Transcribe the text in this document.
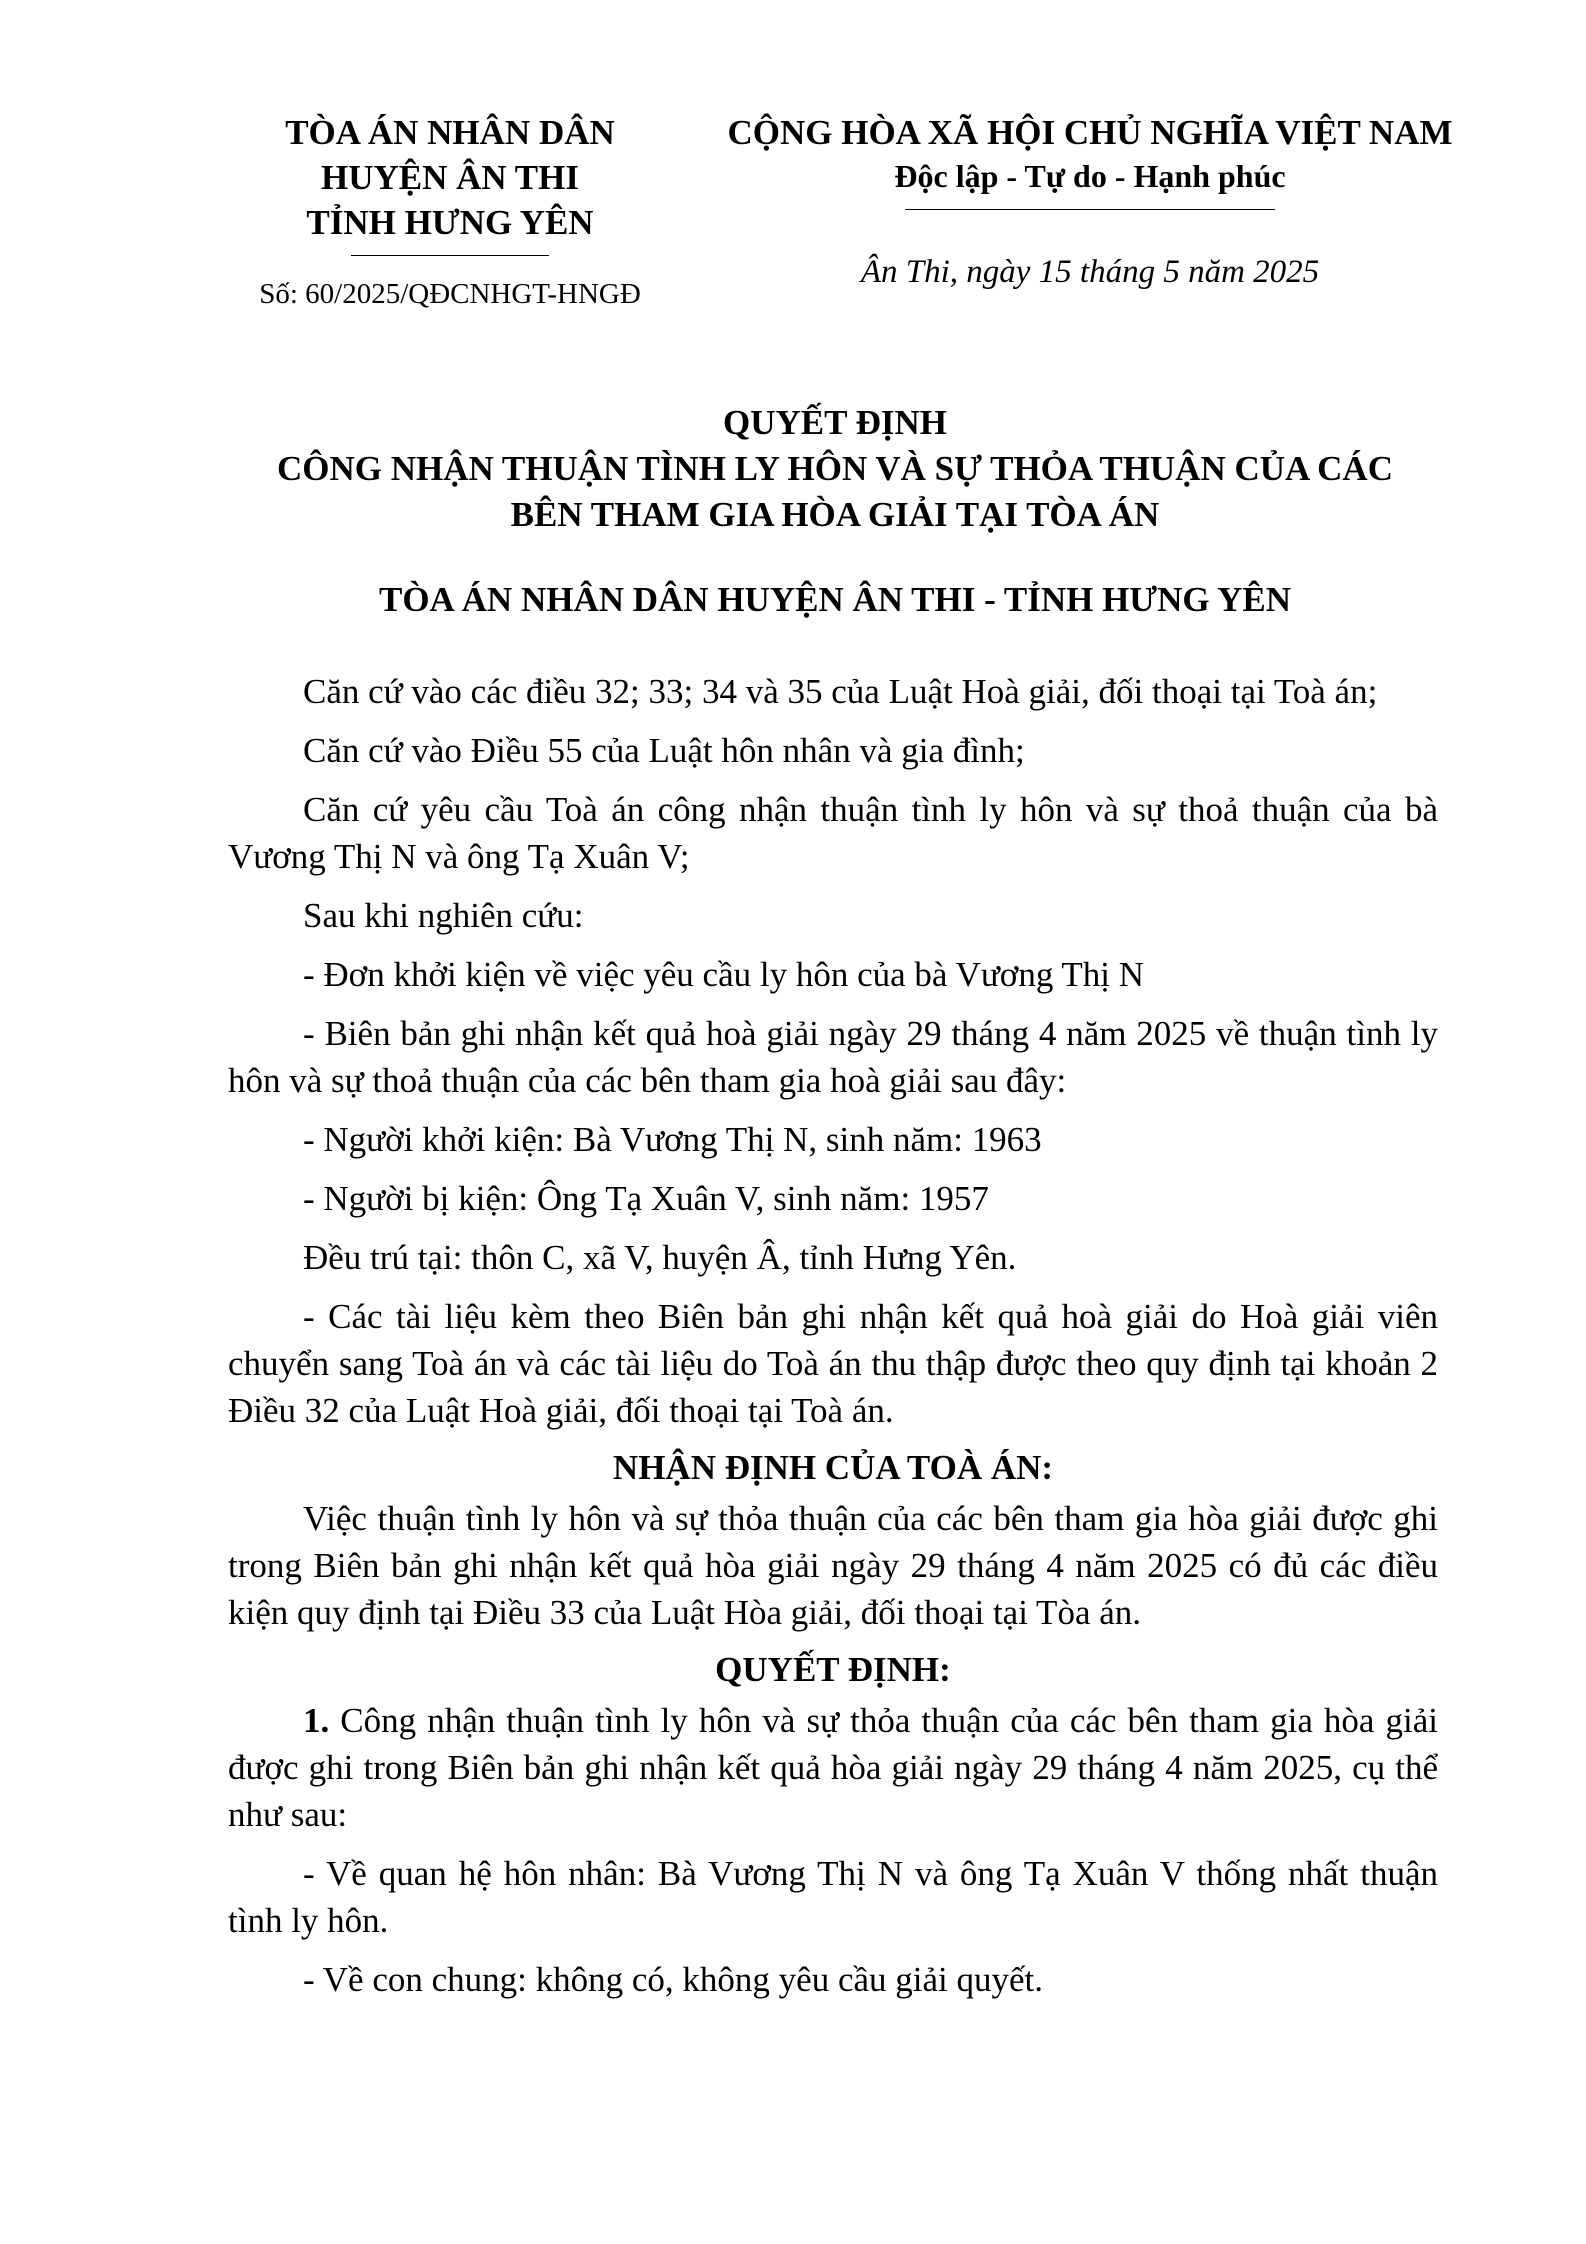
TÒA ÁN NHÂN DÂN
HUYỆN ÂN THI
TỈNH HƯNG YÊN
Số: 60/2025/QĐCNHGT-HNGĐ
CỘNG HÒA XÃ HỘI CHỦ NGHĨA VIỆT NAM
Độc lập - Tự do - Hạnh phúc
Ân Thi, ngày 15 tháng 5 năm 2025
QUYẾT ĐỊNH
CÔNG NHẬN THUẬN TÌNH LY HÔN VÀ SỰ THỎA THUẬN CỦA CÁC
BÊN THAM GIA HÒA GIẢI TẠI TÒA ÁN
TÒA ÁN NHÂN DÂN HUYỆN ÂN THI - TỈNH HƯNG YÊN

Căn cứ vào các điều 32; 33; 34 và 35 của Luật Hoà giải, đối thoại tại Toà án;

Căn cứ vào Điều 55 của Luật hôn nhân và gia đình;

Căn cứ yêu cầu Toà án công nhận thuận tình ly hôn và sự thoả thuận của bà Vương Thị N và ông Tạ Xuân V;

Sau khi nghiên cứu:

- Đơn khởi kiện về việc yêu cầu ly hôn của bà Vương Thị N

- Biên bản ghi nhận kết quả hoà giải ngày 29 tháng 4 năm 2025 về thuận tình ly hôn và sự thoả thuận của các bên tham gia hoà giải sau đây:

- Người khởi kiện: Bà Vương Thị N, sinh năm: 1963

- Người bị kiện: Ông Tạ Xuân V, sinh năm: 1957

Đều trú tại: thôn C, xã V, huyện Â, tỉnh Hưng Yên.

- Các tài liệu kèm theo Biên bản ghi nhận kết quả hoà giải do Hoà giải viên chuyển sang Toà án và các tài liệu do Toà án thu thập được theo quy định tại khoản 2 Điều 32 của Luật Hoà giải, đối thoại tại Toà án.

NHẬN ĐỊNH CỦA TOÀ ÁN:

Việc thuận tình ly hôn và sự thỏa thuận của các bên tham gia hòa giải được ghi trong Biên bản ghi nhận kết quả hòa giải ngày 29 tháng 4 năm 2025 có đủ các điều kiện quy định tại Điều 33 của Luật Hòa giải, đối thoại tại Tòa án.

QUYẾT ĐỊNH:

1. Công nhận thuận tình ly hôn và sự thỏa thuận của các bên tham gia hòa giải được ghi trong Biên bản ghi nhận kết quả hòa giải ngày 29 tháng 4 năm 2025, cụ thể như sau:

- Về quan hệ hôn nhân: Bà Vương Thị N và ông Tạ Xuân V thống nhất thuận tình ly hôn.

- Về con chung: không có, không yêu cầu giải quyết.
